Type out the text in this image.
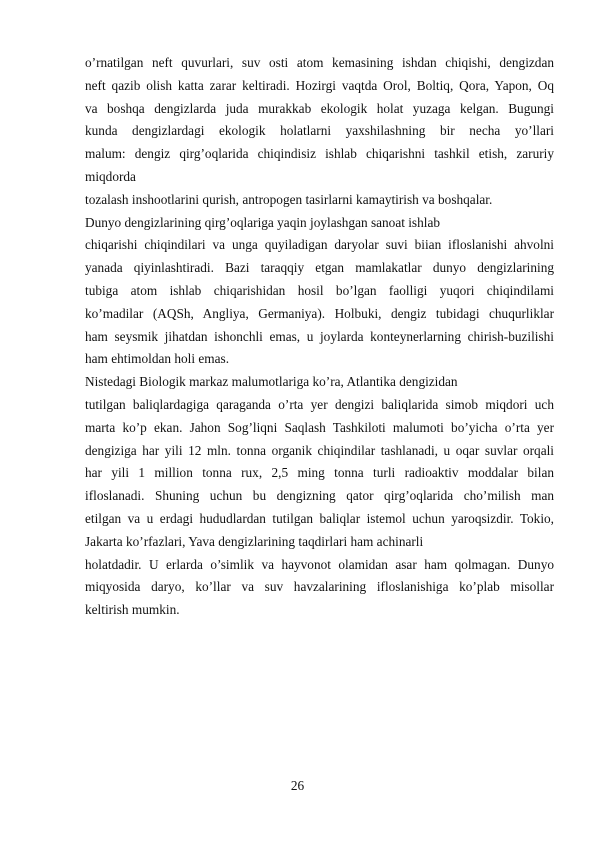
o’rnatilgan neft quvurlari, suv osti atom kemasining ishdan chiqishi, dengizdan
neft qazib olish katta zarar keltiradi. Hozirgi vaqtda Orol, Boltiq, Qora, Yapon, Oq
va boshqa dengizlarda juda murakkab ekologik holat yuzaga kelgan. Bugungi
kunda dengizlardagi ekologik holatlarni yaxshilashning bir necha yo’llari
malum: dengiz qirg’oqlarida chiqindisiz ishlab chiqarishni tashkil etish, zaruriy
miqdorda
tozalash inshootlarini qurish, antropogen tasirlarni kamaytirish va boshqalar.
Dunyo dengizlarining qirg’oqlariga yaqin joylashgan sanoat ishlab
chiqarishi chiqindilari va unga quyiladigan daryolar suvi biian ifloslanishi ahvolni
yanada qiyinlashtiradi. Bazi taraqqiy etgan mamlakatlar dunyo dengizlarining
tubiga atom ishlab chiqarishidan hosil bo’lgan faolligi yuqori chiqindilami
ko’madilar (AQSh, Angliya, Germaniya). Holbuki, dengiz tubidagi chuqurliklar
ham seysmik jihatdan ishonchli emas, u joylarda konteynerlarning chirish-buzilishi
ham ehtimoldan holi emas.
Nistedagi Biologik markaz malumotlariga ko’ra, Atlantika dengizidan
tutilgan baliqlardagiga qaraganda o’rta yer dengizi baliqlarida simob miqdori uch
marta ko’p ekan. Jahon Sog’liqni Saqlash Tashkiloti malumoti bo’yicha o’rta yer
dengiziga har yili 12 mln. tonna organik chiqindilar tashlanadi, u oqar suvlar orqali
har yili 1 million tonna rux, 2,5 ming tonna turli radioaktiv moddalar bilan
ifloslanadi. Shuning uchun bu dengizning qator qirg’oqlarida cho’milish man
etilgan va u erdagi hududlardan tutilgan baliqlar istemol uchun yaroqsizdir. Tokio,
Jakarta ko’rfazlari, Yava dengizlarining taqdirlari ham achinarli
holatdadir. U erlarda o’simlik va hayvonot olamidan asar ham qolmagan. Dunyo
miqyosida daryo, ko’llar va suv havzalarining ifloslanishiga ko’plab misollar
keltirish mumkin.
26
